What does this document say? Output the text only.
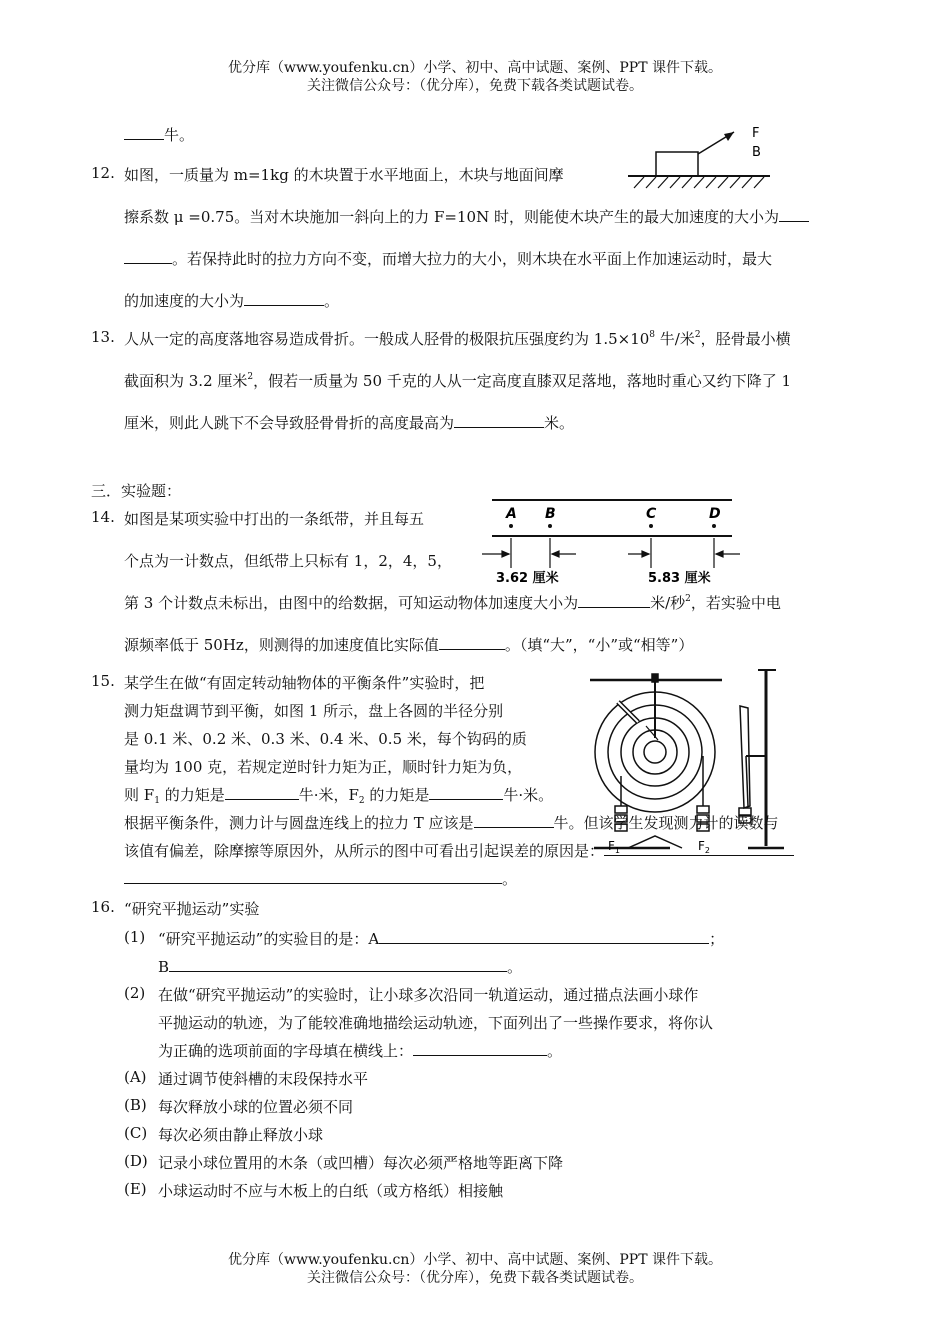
优分库（www.youfenku.cn）小学、初中、高中试题、案例、PPT 课件下载。
关注微信公众号：（优分库），免费下载各类试题试卷。
牛。
12. 如图，一质量为 m=1kg 的木块置于水平地面上，木块与地面间摩
F
B
擦系数 μ =0.75。当对木块施加一斜向上的力 F=10N 时，则能使木块产生的最大加速度的大小为
。若保持此时的拉力方向不变，而增大拉力的大小，则木块在水平面上作加速运动时，最大
的加速度的大小为	。
13. 人从一定的高度落地容易造成骨折。一般成人胫骨的极限抗压强度约为 $1.5\times 10^8$ 牛/米$^2$，胫骨最小横
截面积为 3.2 厘米$^2$，假若一质量为 50 千克的人从一定高度直膝双足落地，落地时重心又约下降了 1
厘米，则此人跳下不会导致胫骨骨折的高度最高为	米。
三．实验题：
14. 如图是某项实验中打出的一条纸带，并且每五
个点为一计数点，但纸带上只标有 1，2，4，5，
A B	C	D
3.62 厘米	5.83 厘米
第 3 个计数点未标出，由图中的给数据，可知运动物体加速度大小为	米/秒$^2$，若实验中电
源频率低于 50Hz，则测得的加速度值比实际值	。（填“大”，“小”或“相等”）
$F_1$	$F_2$
15. 某学生在做“有固定转动轴物体的平衡条件”实验时，把
测力矩盘调节到平衡，如图 1 所示，盘上各圆的半径分别
是 0.1 米、0.2 米、0.3 米、0.4 米、0.5 米，每个钩码的质
量均为 100 克，若规定逆时针力矩为正，顺时针力矩为负，
则 $F_1$ 的力矩是	牛·米，$F_2$ 的力矩是	牛·米。
根据平衡条件，测力计与圆盘连线上的拉力 T 应该是	牛。但该学生发现测力计的读数与
该值有偏差，除摩擦等原因外，从所示的图中可看出引起误差的原因是：
。
16. “研究平抛运动”实验
(1) “研究平抛运动”的实验目的是：A	；
B	。
(2) 在做“研究平抛运动”的实验时，让小球多次沿同一轨道运动，通过描点法画小球作
平抛运动的轨迹，为了能较准确地描绘运动轨迹，下面列出了一些操作要求，将你认
为正确的选项前面的字母填在横线上：	。
(A) 通过调节使斜槽的末段保持水平
(B) 每次释放小球的位置必须不同
(C) 每次必须由静止释放小球
(D) 记录小球位置用的木条（或凹槽）每次必须严格地等距离下降
(E) 小球运动时不应与木板上的白纸（或方格纸）相接触
优分库（www.youfenku.cn）小学、初中、高中试题、案例、PPT 课件下载。
关注微信公众号：（优分库），免费下载各类试题试卷。
